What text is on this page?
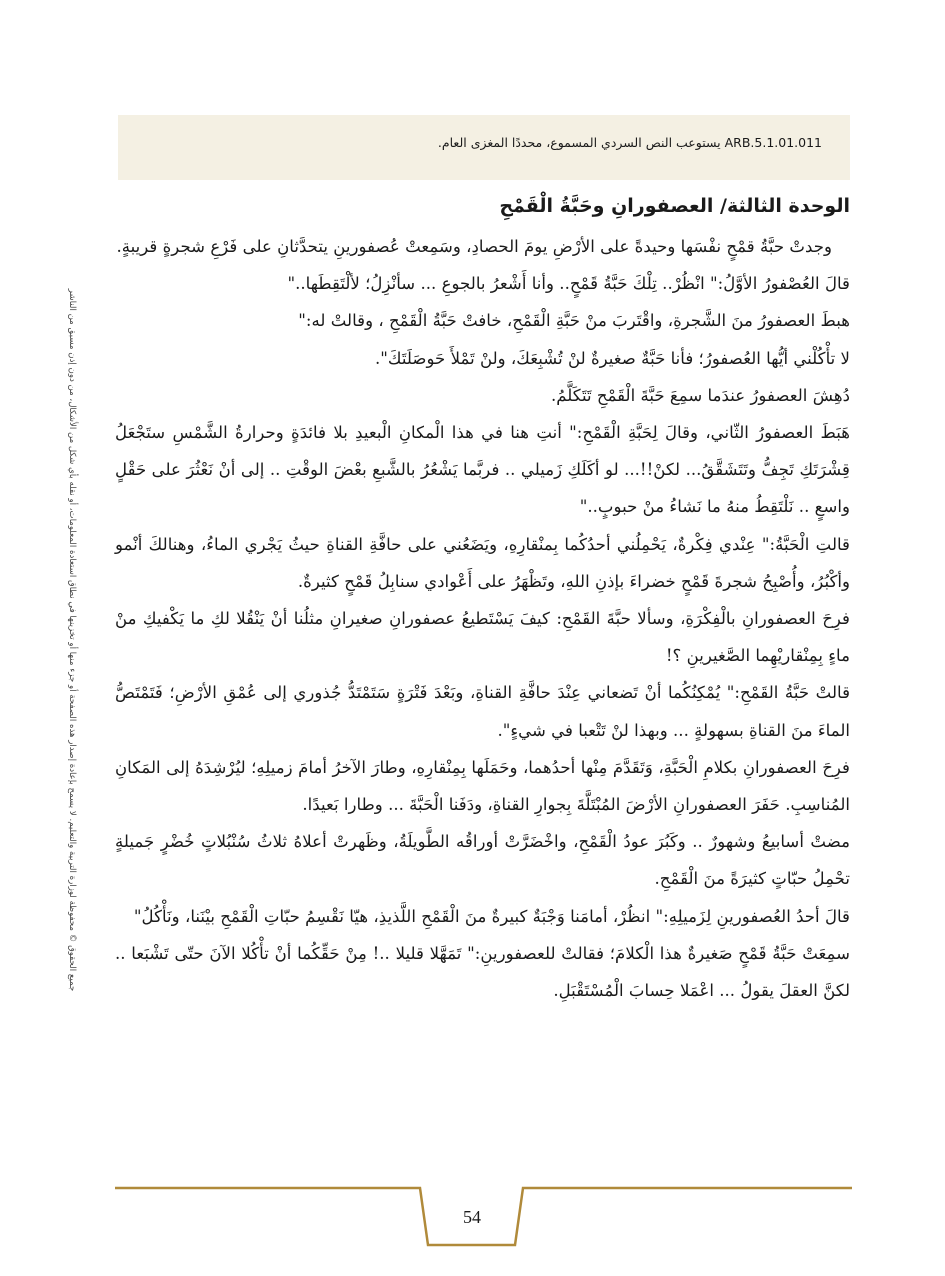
ARB.5.1.01.011 يستوعب النص السردي المسموع، محددًا المغزى العام.
الوحدة الثالثة/ العصفورانِ وحَبَّةُ الْقَمْحِ

وجدتْ حبَّةُ قمْحٍ نفْسَها وحيدةً على الأرْضِ يومَ الحصادِ، وسَمِعتْ عُصفورينِ يتحدَّثانِ على فَرْعِ شجرةٍ قريبةٍ.

قالَ العُصْفورُ الأوَّلُ:" انْظُرْ.. تِلْكَ حَبَّةُ قَمْحٍ.. وأنا أَشْعرُ بالجوعِ ... سأنْزِلُ؛ لألْتَقِطَها.."

هبطَ العصفورُ منَ الشَّجرةِ، واقْتَربَ منْ حَبَّةِ الْقَمْحِ، خافتْ حَبَّةُ الْقَمْحِ ، وقالتْ له:"

لا تأْكُلْني أيُّها العُصفورُ؛ فأنا حَبَّةٌ صغيرةٌ لنْ تُشْبِعَكَ، ولنْ تَمْلأَ حَوصَلَتَكَ".

دُهِشَ العصفورُ عندَما سمِعَ حَبَّةَ الْقَمْحِ تَتَكَلَّمُ.

هَبَطَ العصفورُ الثّاني، وقالَ لِحَبَّةِ الْقَمْحِ:" أنتِ هنا في هذا الْمكانِ الْبعيدِ بلا فائدَةٍ وحرارةُ الشَّمْسِ ستَجْعَلُ قِشْرَتَكِ تَجِفُّ وتَتَشَقَّقُ... لكنْ!!... لو أكَلَكِ زَميلي .. فربَّما يَشْعُرُ بالشَّبعِ بعْضَ الوقْتِ .. إلى أنْ نَعْثُرَ على حَقْلٍ واسعٍ .. نَلْتَقِطُ منهُ ما نَشاءُ منْ حبوبٍ.."

قالتِ الْحَبَّةُ:" عِنْدي فِكْرةٌ، يَحْمِلُني أحدُكُما بِمنْقارِهِ، ويَضَعُني على حافَّةِ القناةِ حيثُ يَجْري الماءُ، وهنالكَ أنْمو وأكْبُرُ، وأُصْبِحُ شجرةَ قَمْحٍ خضراءَ بإذنِ اللهِ، وتَظْهَرُ على أَعْوادي سنابِلُ قَمْحٍ كثيرةٌ.

فرِحَ العصفورانِ بالْفِكْرَةِ، وسألا حبَّةَ القَمْحِ: كيفَ يَسْتَطيعُ عصفورانِ صغيرانِ مثلُنا أنْ يَنْقُلا لكِ ما يَكْفيكِ منْ ماءٍ بِمِنْقاريْهِما الصَّغيرينِ ؟!

قالتْ حَبَّةُ القَمْحِ:" يُمْكِنُكُما أنْ تَضعاني عِنْدَ حافَّةِ القناةِ، وبَعْدَ فَتْرَةٍ سَتَمْتَدُّ جُذوري إلى عُمْقِ الأرْضِ؛ فَتَمْتَصُّ الماءَ منَ القناةِ بسهولةٍ ... وبهذا لنْ تَتْعبا في شيءٍ".

فرِحَ العصفورانِ بكلامِ الْحَبَّةِ، وَتَقَدَّمَ مِنْها أحدُهما، وحَمَلَها بِمِنْقارِهِ، وطارَ الآخرُ أمامَ زميلِهِ؛ ليُرْشِدَهُ إلى المَكانِ المُناسِبِ. حَفَرَ العصفورانِ الأرْضَ المُبْتَلَّةَ بِجوارِ القناةِ، ودَفَنا الْحَبَّةَ ... وطارا بَعيدًا.

مضتْ أسابيعُ وشهورٌ .. وكَبُرَ عودُ الْقَمْحِ، واخْضَرَّتْ أوراقُه الطَّويلَةُ، وظَهرتْ أعلاهُ ثلاثُ سُنْبُلاتٍ خُضْرٍ جَميلةٍ تحْمِلُ حبّاتٍ كثيرَةً منَ الْقَمْحِ.

قالَ أحدُ العُصفورينِ لِزَميلِهِ:" انظُرْ، أمامَنا وَجْبَةٌ كبيرةٌ منَ الْقَمْحِ اللَّذيذِ، هيّا نَقْسِمُ حبّاتِ الْقَمْحِ بيْنَنا، ونَأْكُلُ"

سمِعَتْ حَبَّةُ قَمْحٍ صَغيرةٌ هذا الْكلامَ؛ فقالتْ للعصفورينِ:" تَمَهَّلا قليلا ..! مِنْ حَقِّكُما أنْ تأْكُلا الآنَ حتّى تَشْبَعا .. لكنَّ العقلَ يقولُ ... اعْمَلا حِسابَ الْمُسْتَقْبَلِ.

جميع الحقوق © محفوظة لوزارة التربية والتعليم. لا يسمح بإعادة إصدار هذه الصفحة أو جزء منها أو تخزينها في نطاق استعادة المعلومات، أو نقله بأي شكل من الأشكال، من دون إذن مسبق من الناشر
54
